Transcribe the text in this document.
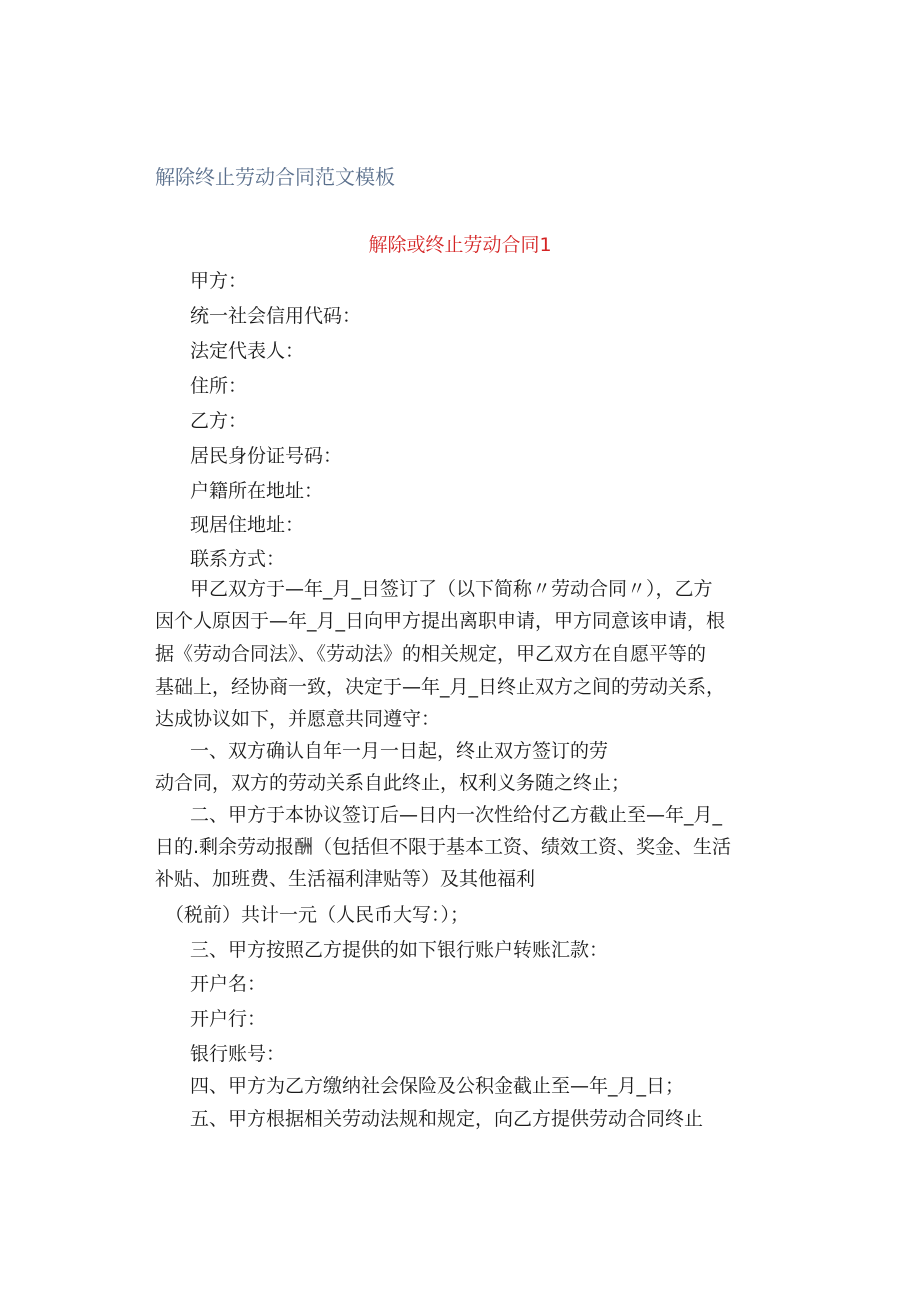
解除终止劳动合同范文模板
解除或终止劳动合同1
甲方：
统一社会信用代码：
法定代表人：
住所：
乙方：
居民身份证号码：
户籍所在地址：
现居住地址：
联系方式：
甲乙双方于—年_月_日签订了（以下简称〃劳动合同〃），乙方
因个人原因于—年_月_日向甲方提出离职申请，甲方同意该申请，根
据《劳动合同法》、《劳动法》的相关规定，甲乙双方在自愿平等的
基础上，经协商一致，决定于—年_月_日终止双方之间的劳动关系，
达成协议如下，并愿意共同遵守：
一、双方确认自年一月一日起，终止双方签订的劳
动合同，双方的劳动关系自此终止，权利义务随之终止；
二、甲方于本协议签订后—日内一次性给付乙方截止至—年_月_
日的.剩余劳动报酬（包括但不限于基本工资、绩效工资、奖金、生活
补贴、加班费、生活福利津贴等）及其他福利
（税前）共计一元（人民币大写：）；
三、甲方按照乙方提供的如下银行账户转账汇款：
开户名：
开户行：
银行账号：
四、甲方为乙方缴纳社会保险及公积金截止至—年_月_日；
五、甲方根据相关劳动法规和规定，向乙方提供劳动合同终止
